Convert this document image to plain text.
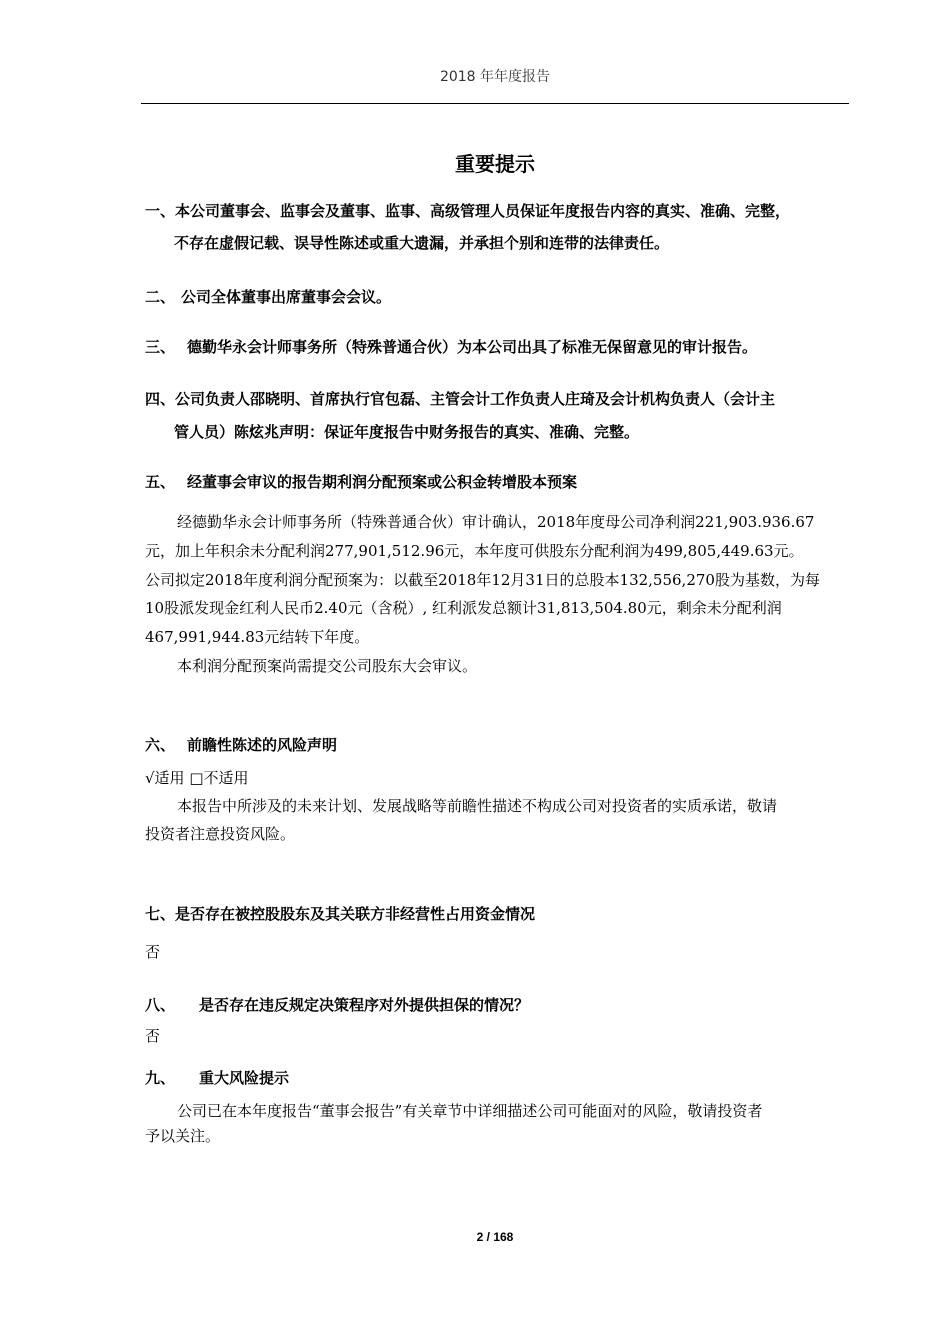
2018 年年度报告
重要提示
一、本公司董事会、监事会及董事、监事、高级管理人员保证年度报告内容的真实、准确、完整，
不存在虚假记载、误导性陈述或重大遗漏，并承担个别和连带的法律责任。
二、 公司全体董事出席董事会会议。
三、 德勤华永会计师事务所（特殊普通合伙）为本公司出具了标准无保留意见的审计报告。
四、公司负责人邵晓明、首席执行官包磊、主管会计工作负责人庄琦及会计机构负责人（会计主
管人员）陈炫兆声明：保证年度报告中财务报告的真实、准确、完整。
五、 经董事会审议的报告期利润分配预案或公积金转增股本预案
经德勤华永会计师事务所（特殊普通合伙）审计确认，2018年度母公司净利润221,903.936.67
元，加上年积余未分配利润277,901,512.96元，本年度可供股东分配利润为499,805,449.63元。
公司拟定2018年度利润分配预案为：以截至2018年12月31日的总股本132,556,270股为基数，为每
10股派发现金红利人民币2.40元（含税）, 红利派发总额计31,813,504.80元，剩余未分配利润
467,991,944.83元结转下年度。
本利润分配预案尚需提交公司股东大会审议。
六、 前瞻性陈述的风险声明
√适用 □不适用
本报告中所涉及的未来计划、发展战略等前瞻性描述不构成公司对投资者的实质承诺，敬请
投资者注意投资风险。
七、是否存在被控股股东及其关联方非经营性占用资金情况
否
八、 是否存在违反规定决策程序对外提供担保的情况？
否
九、 重大风险提示
公司已在本年度报告“董事会报告”有关章节中详细描述公司可能面对的风险，敬请投资者
予以关注。
2 / 168
